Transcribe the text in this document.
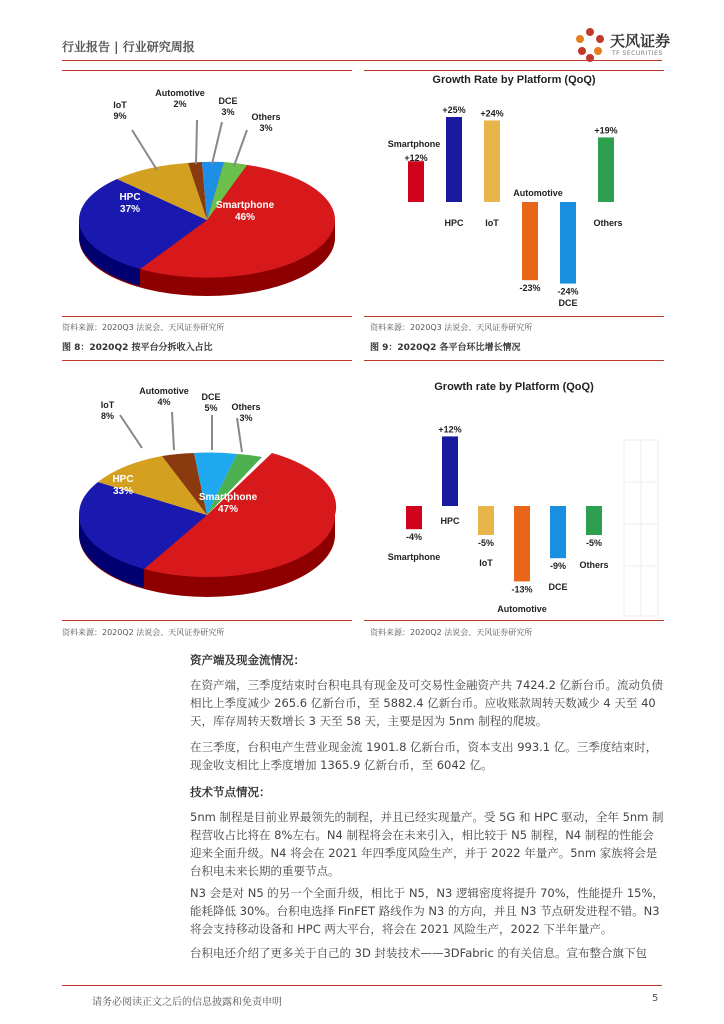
行业报告 | 行业研究周报	天风证券
TF SECURITIES
IoT
9%
Automotive
2%	DCE
3%	Others
3%
HPC
37%	Smartphone
46%
资料来源：2020Q3 法说会、天风证券研究所
图 8：2020Q2 按平台分拆收入占比
Growth Rate by Platform (QoQ)
+12%
Smartphone
+25%
HPC
+24%
IoT
-23%
Automotive
-24%
DCE
+19%
Others
资料来源：2020Q3 法说会、天风证券研究所
图 9：2020Q2 各平台环比增长情况
IoT
8%
Automotive
4%	DCE
5%	Others
3%
HPC
33%
Smartphone
47%
资料来源：2020Q2 法说会、天风证券研究所
Growth rate by Platform (QoQ)
-4%
Smartphone
+12%
HPC
-5%
IoT
-13%
Automotive
-9%
DCE
-5%
Others
资料来源：2020Q2 法说会、天风证券研究所
资产端及现金流情况：

在资产端，三季度结束时台积电具有现金及可交易性金融资产共 7424.2 亿新台币。流动负债相比上季度减少 265.6 亿新台币，至 5882.4 亿新台币。应收账款周转天数减少 4 天至 40 天，库存周转天数增长 3 天至 58 天，主要是因为 5nm 制程的爬坡。

在三季度，台积电产生营业现金流 1901.8 亿新台币，资本支出 993.1 亿。三季度结束时，现金收支相比上季度增加 1365.9 亿新台币，至 6042 亿。

技术节点情况：

5nm 制程是目前业界最领先的制程，并且已经实现量产。受 5G 和 HPC 驱动，全年 5nm 制程营收占比将在 8%左右。N4 制程将会在未来引入，相比较于 N5 制程，N4 制程的性能会迎来全面升级。N4 将会在 2021 年四季度风险生产，并于 2022 年量产。5nm 家族将会是台积电未来长期的重要节点。

N3 会是对 N5 的另一个全面升级，相比于 N5，N3 逻辑密度将提升 70%，性能提升 15%，能耗降低 30%。台积电选择 FinFET 路线作为 N3 的方向，并且 N3 节点研发进程不错。N3 将会支持移动设备和 HPC 两大平台，将会在 2021 风险生产，2022 下半年量产。

台积电还介绍了更多关于自己的 3D 封装技术——3DFabric 的有关信息。宣布整合旗下包

请务必阅读正文之后的信息披露和免责申明	5
